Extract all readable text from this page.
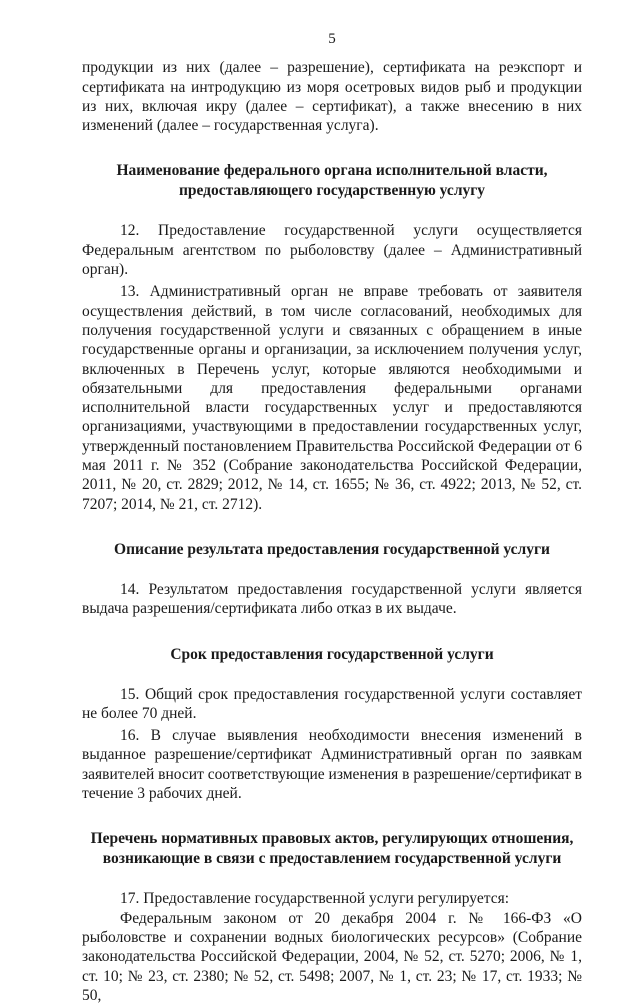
5

продукции из них (далее – разрешение), сертификата на реэкспорт и сертификата на интродукцию из моря осетровых видов рыб и продукции из них, включая икру (далее – сертификат), а также внесению в них изменений (далее – государственная услуга).

Наименование федерального органа исполнительной власти, предоставляющего государственную услугу

12. Предоставление государственной услуги осуществляется Федеральным агентством по рыболовству (далее – Административный орган).

13. Административный орган не вправе требовать от заявителя осуществления действий, в том числе согласований, необходимых для получения государственной услуги и связанных с обращением в иные государственные органы и организации, за исключением получения услуг, включенных в Перечень услуг, которые являются необходимыми и обязательными для предоставления федеральными органами исполнительной власти государственных услуг и предоставляются организациями, участвующими в предоставлении государственных услуг, утвержденный постановлением Правительства Российской Федерации от 6 мая 2011 г. № 352 (Собрание законодательства Российской Федерации, 2011, № 20, ст. 2829; 2012, № 14, ст. 1655; № 36, ст. 4922; 2013, № 52, ст. 7207; 2014, № 21, ст. 2712).

Описание результата предоставления государственной услуги

14. Результатом предоставления государственной услуги является выдача разрешения/сертификата либо отказ в их выдаче.

Срок предоставления государственной услуги

15. Общий срок предоставления государственной услуги составляет не более 70 дней.

16. В случае выявления необходимости внесения изменений в выданное разрешение/сертификат Административный орган по заявкам заявителей вносит соответствующие изменения в разрешение/сертификат в течение 3 рабочих дней.

Перечень нормативных правовых актов, регулирующих отношения, возникающие в связи с предоставлением государственной услуги

17. Предоставление государственной услуги регулируется:

Федеральным законом от 20 декабря 2004 г. № 166-ФЗ «О рыболовстве и сохранении водных биологических ресурсов» (Собрание законодательства Российской Федерации, 2004, № 52, ст. 5270; 2006, № 1, ст. 10; № 23, ст. 2380; № 52, ст. 5498; 2007, № 1, ст. 23; № 17, ст. 1933; № 50,
